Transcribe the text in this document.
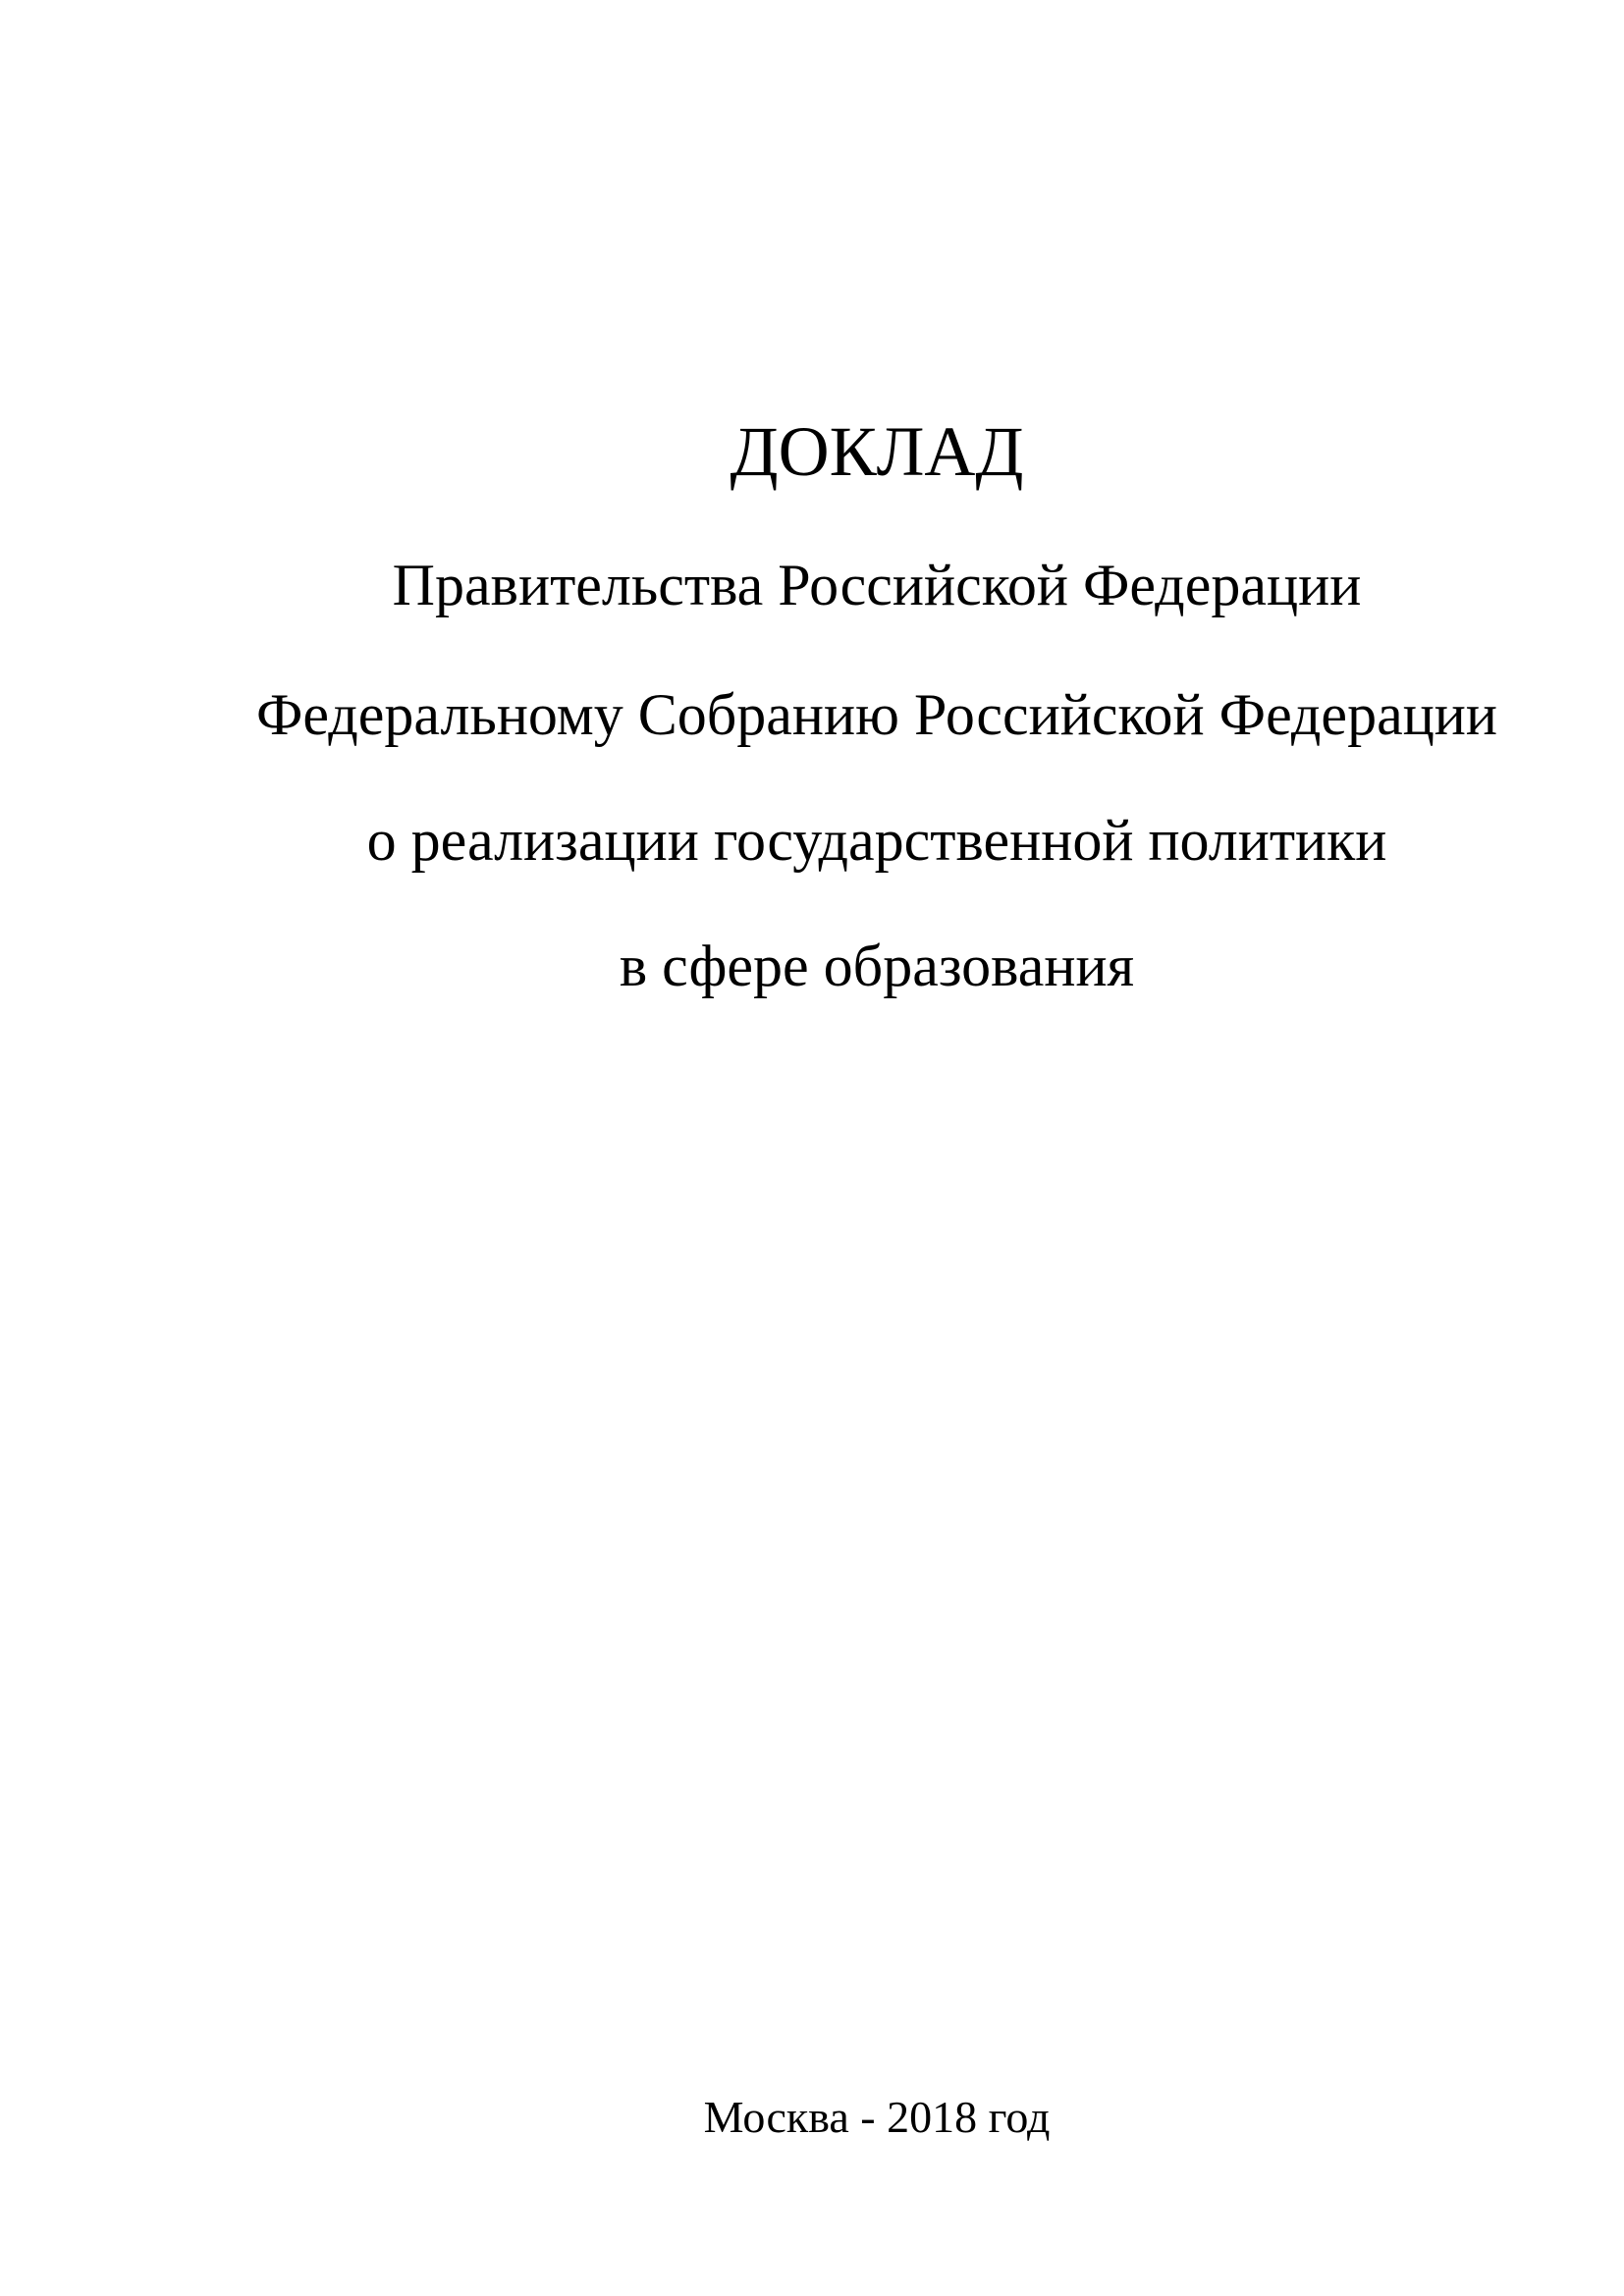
ДОКЛАД
Правительства Российской Федерации
Федеральному Собранию Российской Федерации
о реализации государственной политики
в сфере образования
Москва - 2018 год
